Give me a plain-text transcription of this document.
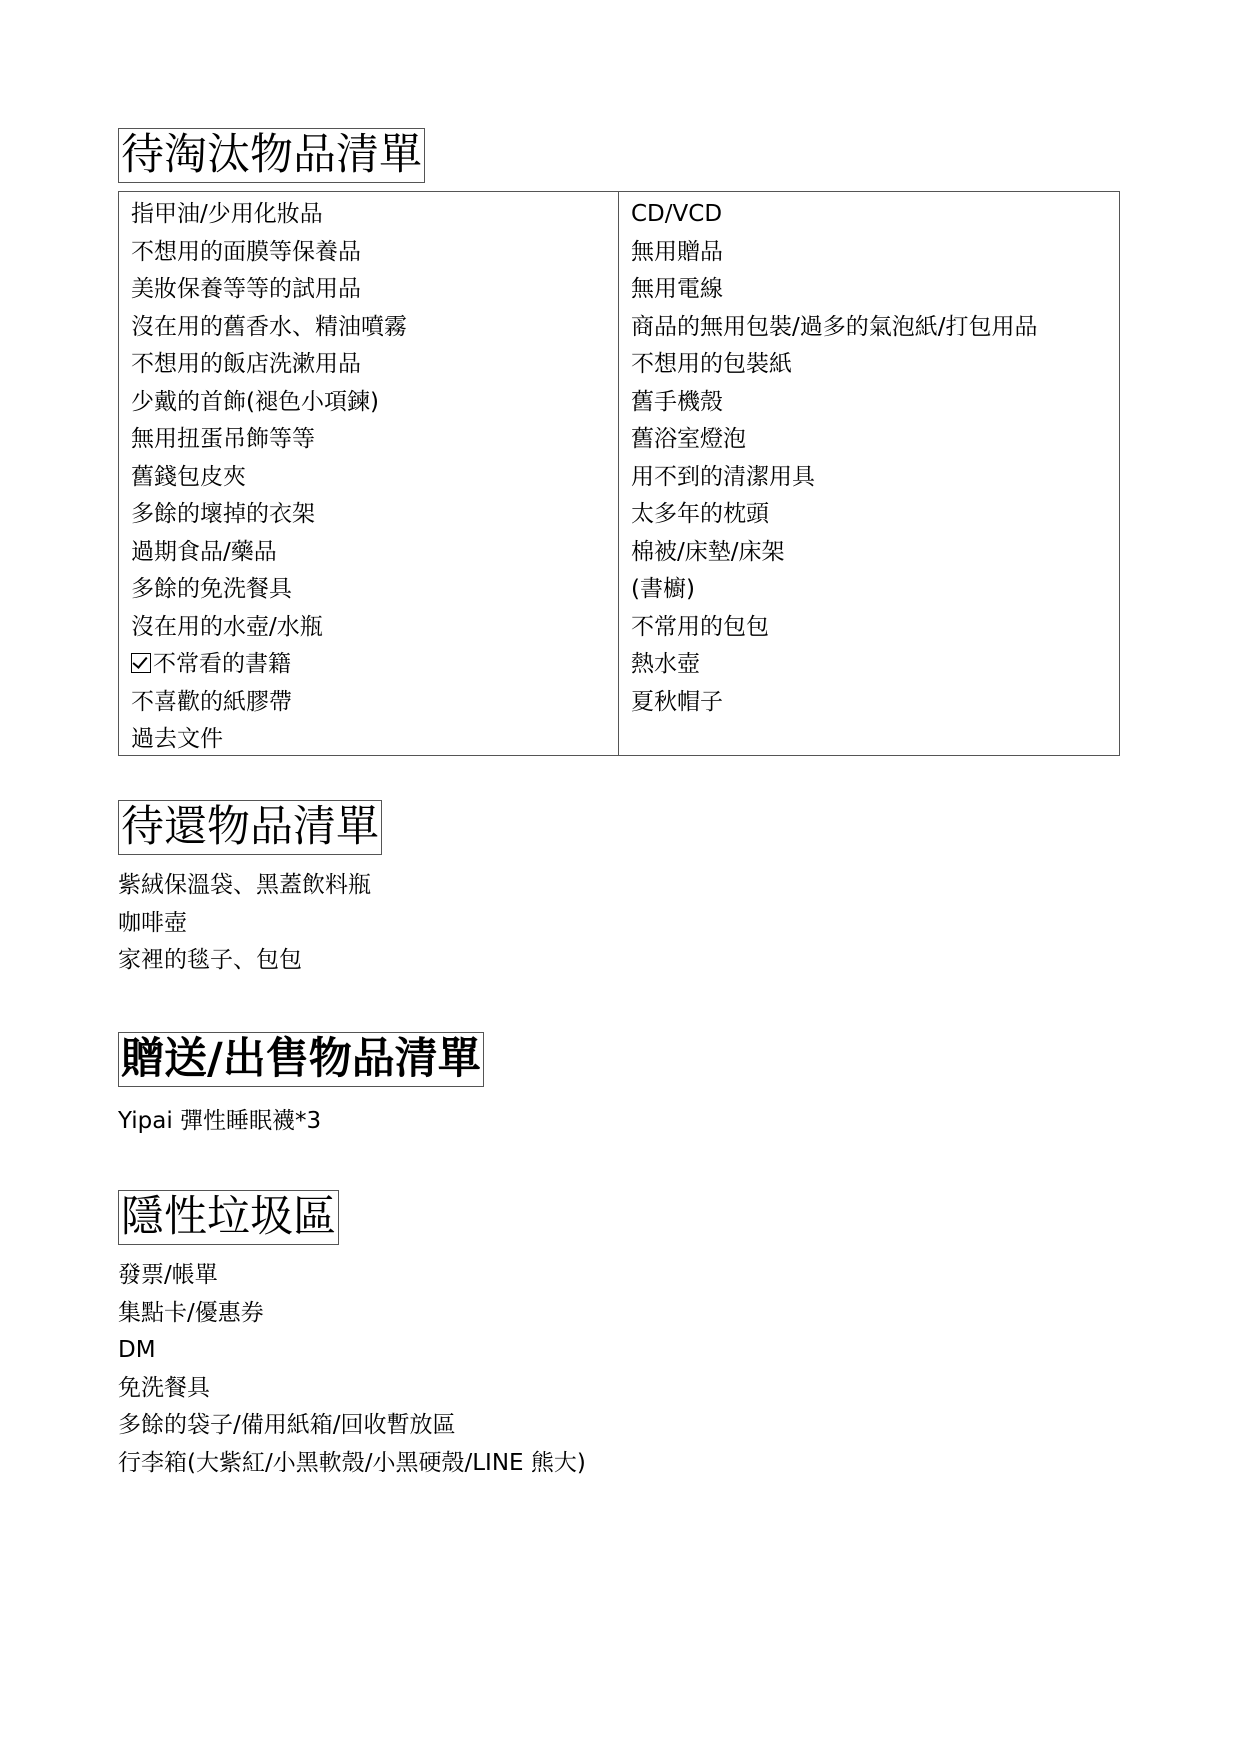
待淘汰物品清單
指甲油/少用化妝品
不想用的面膜等保養品
美妝保養等等的試用品
沒在用的舊香水、精油噴霧
不想用的飯店洗漱用品
少戴的首飾(褪色小項鍊)
無用扭蛋吊飾等等
舊錢包皮夾
多餘的壞掉的衣架
過期食品/藥品
多餘的免洗餐具
沒在用的水壺/水瓶
不常看的書籍
不喜歡的紙膠帶
過去文件
CD/VCD
無用贈品
無用電線
商品的無用包裝/過多的氣泡紙/打包用品
不想用的包裝紙
舊手機殼
舊浴室燈泡
用不到的清潔用具
太多年的枕頭
棉被/床墊/床架
(書櫥)
不常用的包包
熱水壺
夏秋帽子
待還物品清單
紫絨保溫袋、黑蓋飲料瓶
咖啡壺
家裡的毯子、包包
贈送/出售物品清單
Yipai 彈性睡眠襪*3
隱性垃圾區
發票/帳單
集點卡/優惠券
DM
免洗餐具
多餘的袋子/備用紙箱/回收暫放區
行李箱(大紫紅/小黑軟殼/小黑硬殼/LINE 熊大)
